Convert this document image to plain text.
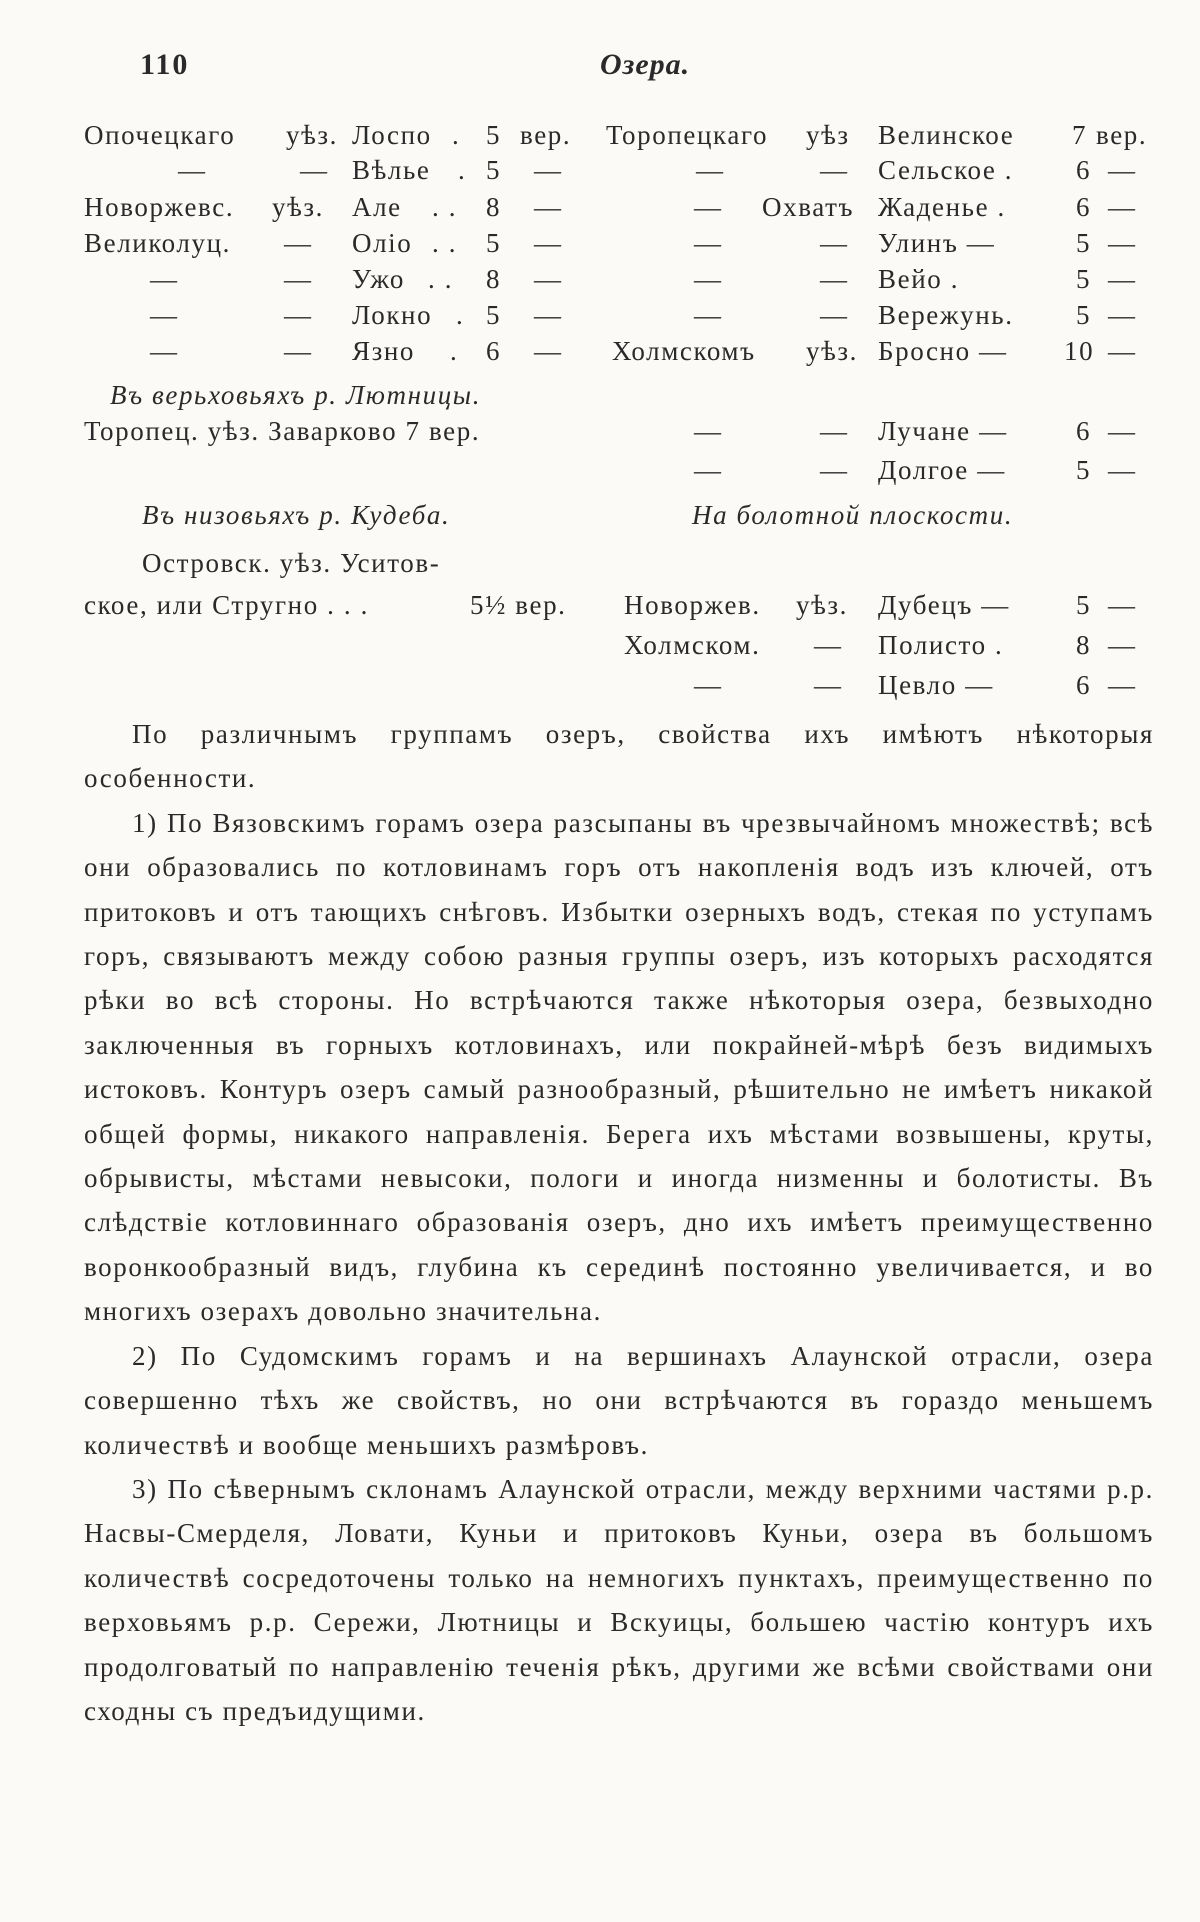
110	Озера.
Опочецкаго уѣз. Лоспо . 5 вер. Торопецкаго уѣз Велинское 7 вер.
—	— Вѣлье . 5 —	—	— Сельское . 6 —
Новоржевс. уѣз. Але . . 8 —	— Охватъ Жаденье .	6 —
Великолуц. — Олiо . . 5 —	—	— Улинъ —	5 —
—	— Ужо . . 8 —	—	— Вейо .	5 —
—	— Локно . 5 —	—	— Вережунь. 5 —
—	— Язно . 6 — Холмскомъ уѣз. Бросно — 10 —
Въ верьховьяхъ р. Лютницы.
Торопец. уѣз. Заварково 7 вер.	—	— Лучане —	6 —
—	— Долгое —	5 —
Въ низовьяхъ р. Кудеба.	На болотной плоскости.
Островск. уѣз. Уситов-
ское, или Стругно . . .	5½ вер. Новоржев. уѣз. Дубецъ — 5 —
Холмском. — Полисто .	8 —
—	— Цевло —	6 —

По различнымъ группамъ озеръ, свойства ихъ имѣютъ нѣкоторыя особенности.

1) По Вязовскимъ горамъ озера разсыпаны въ чрезвычайномъ множествѣ; всѣ они образовались по котловинамъ горъ отъ накопленія водъ изъ ключей, отъ притоковъ и отъ тающихъ снѣговъ. Избытки озерныхъ водъ, стекая по уступамъ горъ, связываютъ между собою разныя группы озеръ, изъ которыхъ расходятся рѣки во всѣ стороны. Но встрѣчаются также нѣкоторыя озера, безвыходно заключенныя въ горныхъ котловинахъ, или покрайней-мѣрѣ безъ видимыхъ истоковъ. Контуръ озеръ самый разнообразный, рѣшительно не имѣетъ никакой общей формы, никакого направленія. Берега ихъ мѣстами возвышены, круты, обрывисты, мѣстами невысоки, пологи и иногда низменны и болотисты. Въ слѣдствіе котловиннаго образованія озеръ, дно ихъ имѣетъ преимущественно воронкообразный видъ, глубина къ серединѣ постоянно увеличивается, и во многихъ озерахъ довольно значительна.

2) По Судомскимъ горамъ и на вершинахъ Алаунской отрасли, озера совершенно тѣхъ же свойствъ, но они встрѣчаются въ гораздо меньшемъ количествѣ и вообще меньшихъ размѣровъ.

3) По сѣвернымъ склонамъ Алаунской отрасли, между верхними частями р.р. Насвы-Смерделя, Ловати, Куньи и притоковъ Куньи, озера въ большомъ количествѣ сосредоточены только на немногихъ пунктахъ, преимущественно по верховьямъ р.р. Сережи, Лютницы и Вскуицы, большею частію контуръ ихъ продолговатый по направленію теченія рѣкъ, другими же всѣми свойствами они сходны съ предъидущими.
